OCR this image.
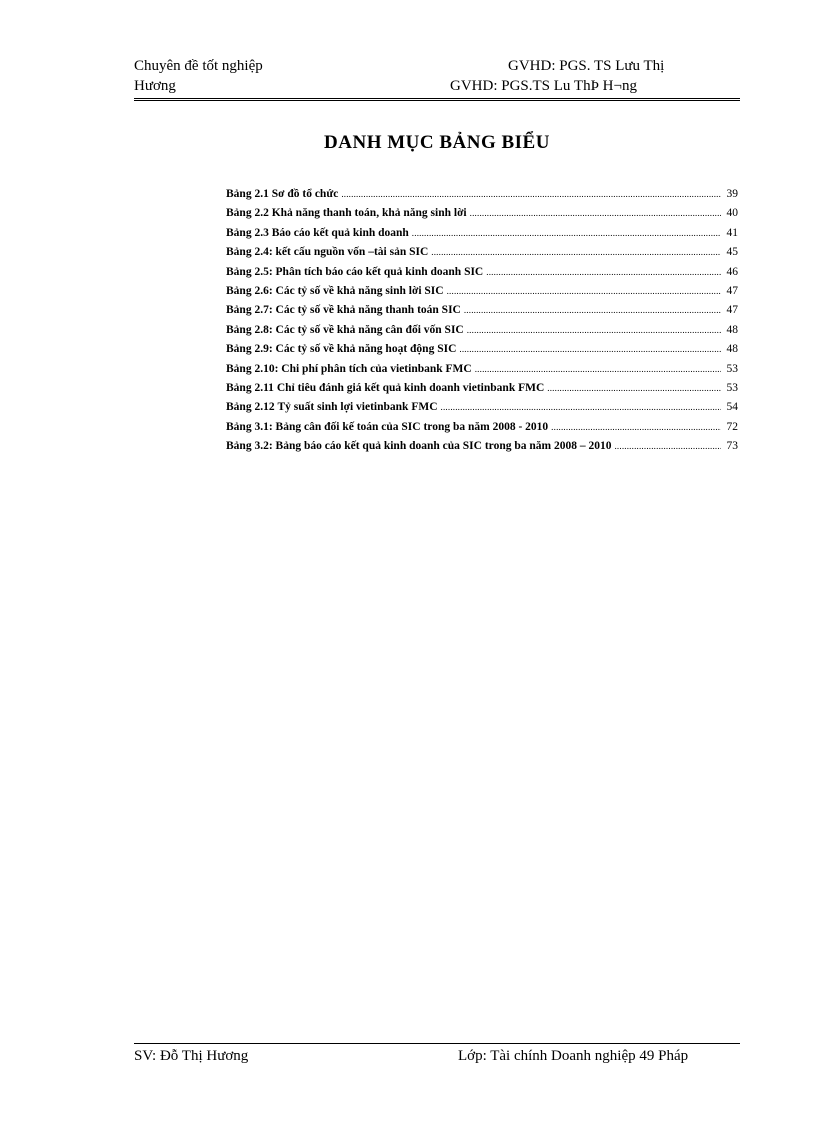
Chuyên đề tốt nghiệp	GVHD: PGS. TS Lưu Thị
Hương	GVHD: PGS.TS Lu ThÞ H¬ng
DANH MỤC BẢNG BIỂU
Bảng 2.1 Sơ đồ tổ chức .....	39
Bảng 2.2 Khả năng thanh toán, khả năng sinh lời .....	40
Bảng 2.3 Báo cáo kết quả kinh doanh .....	41
Bảng 2.4: kết cấu nguồn vốn –tài sản SIC .....	45
Bảng 2.5: Phân tích báo cáo kết quả kinh doanh SIC .....	46
Bảng 2.6: Các tỷ số về khả năng sinh lời SIC .....	47
Bảng 2.7: Các tỷ số về khả năng thanh toán SIC .....	47
Bảng 2.8: Các tỷ số về khả năng cân đối vốn SIC .....	48
Bảng 2.9: Các tỷ số về khả năng hoạt động SIC .....	48
Bảng 2.10: Chi phí phân tích của vietinbank FMC .....	53
Bảng 2.11 Chỉ tiêu đánh giá kết quả kinh doanh vietinbank FMC .....	53
Bảng 2.12 Tỷ suất sinh lợi vietinbank FMC .....	54
Bảng 3.1: Bảng cân đối kế toán của SIC trong ba năm 2008 - 2010 .....	72
Bảng 3.2: Bảng báo cáo kết quả kinh doanh của SIC trong ba năm 2008 – 2010 .....	73
SV: Đỗ Thị Hương	Lớp: Tài chính Doanh nghiệp 49 Pháp
